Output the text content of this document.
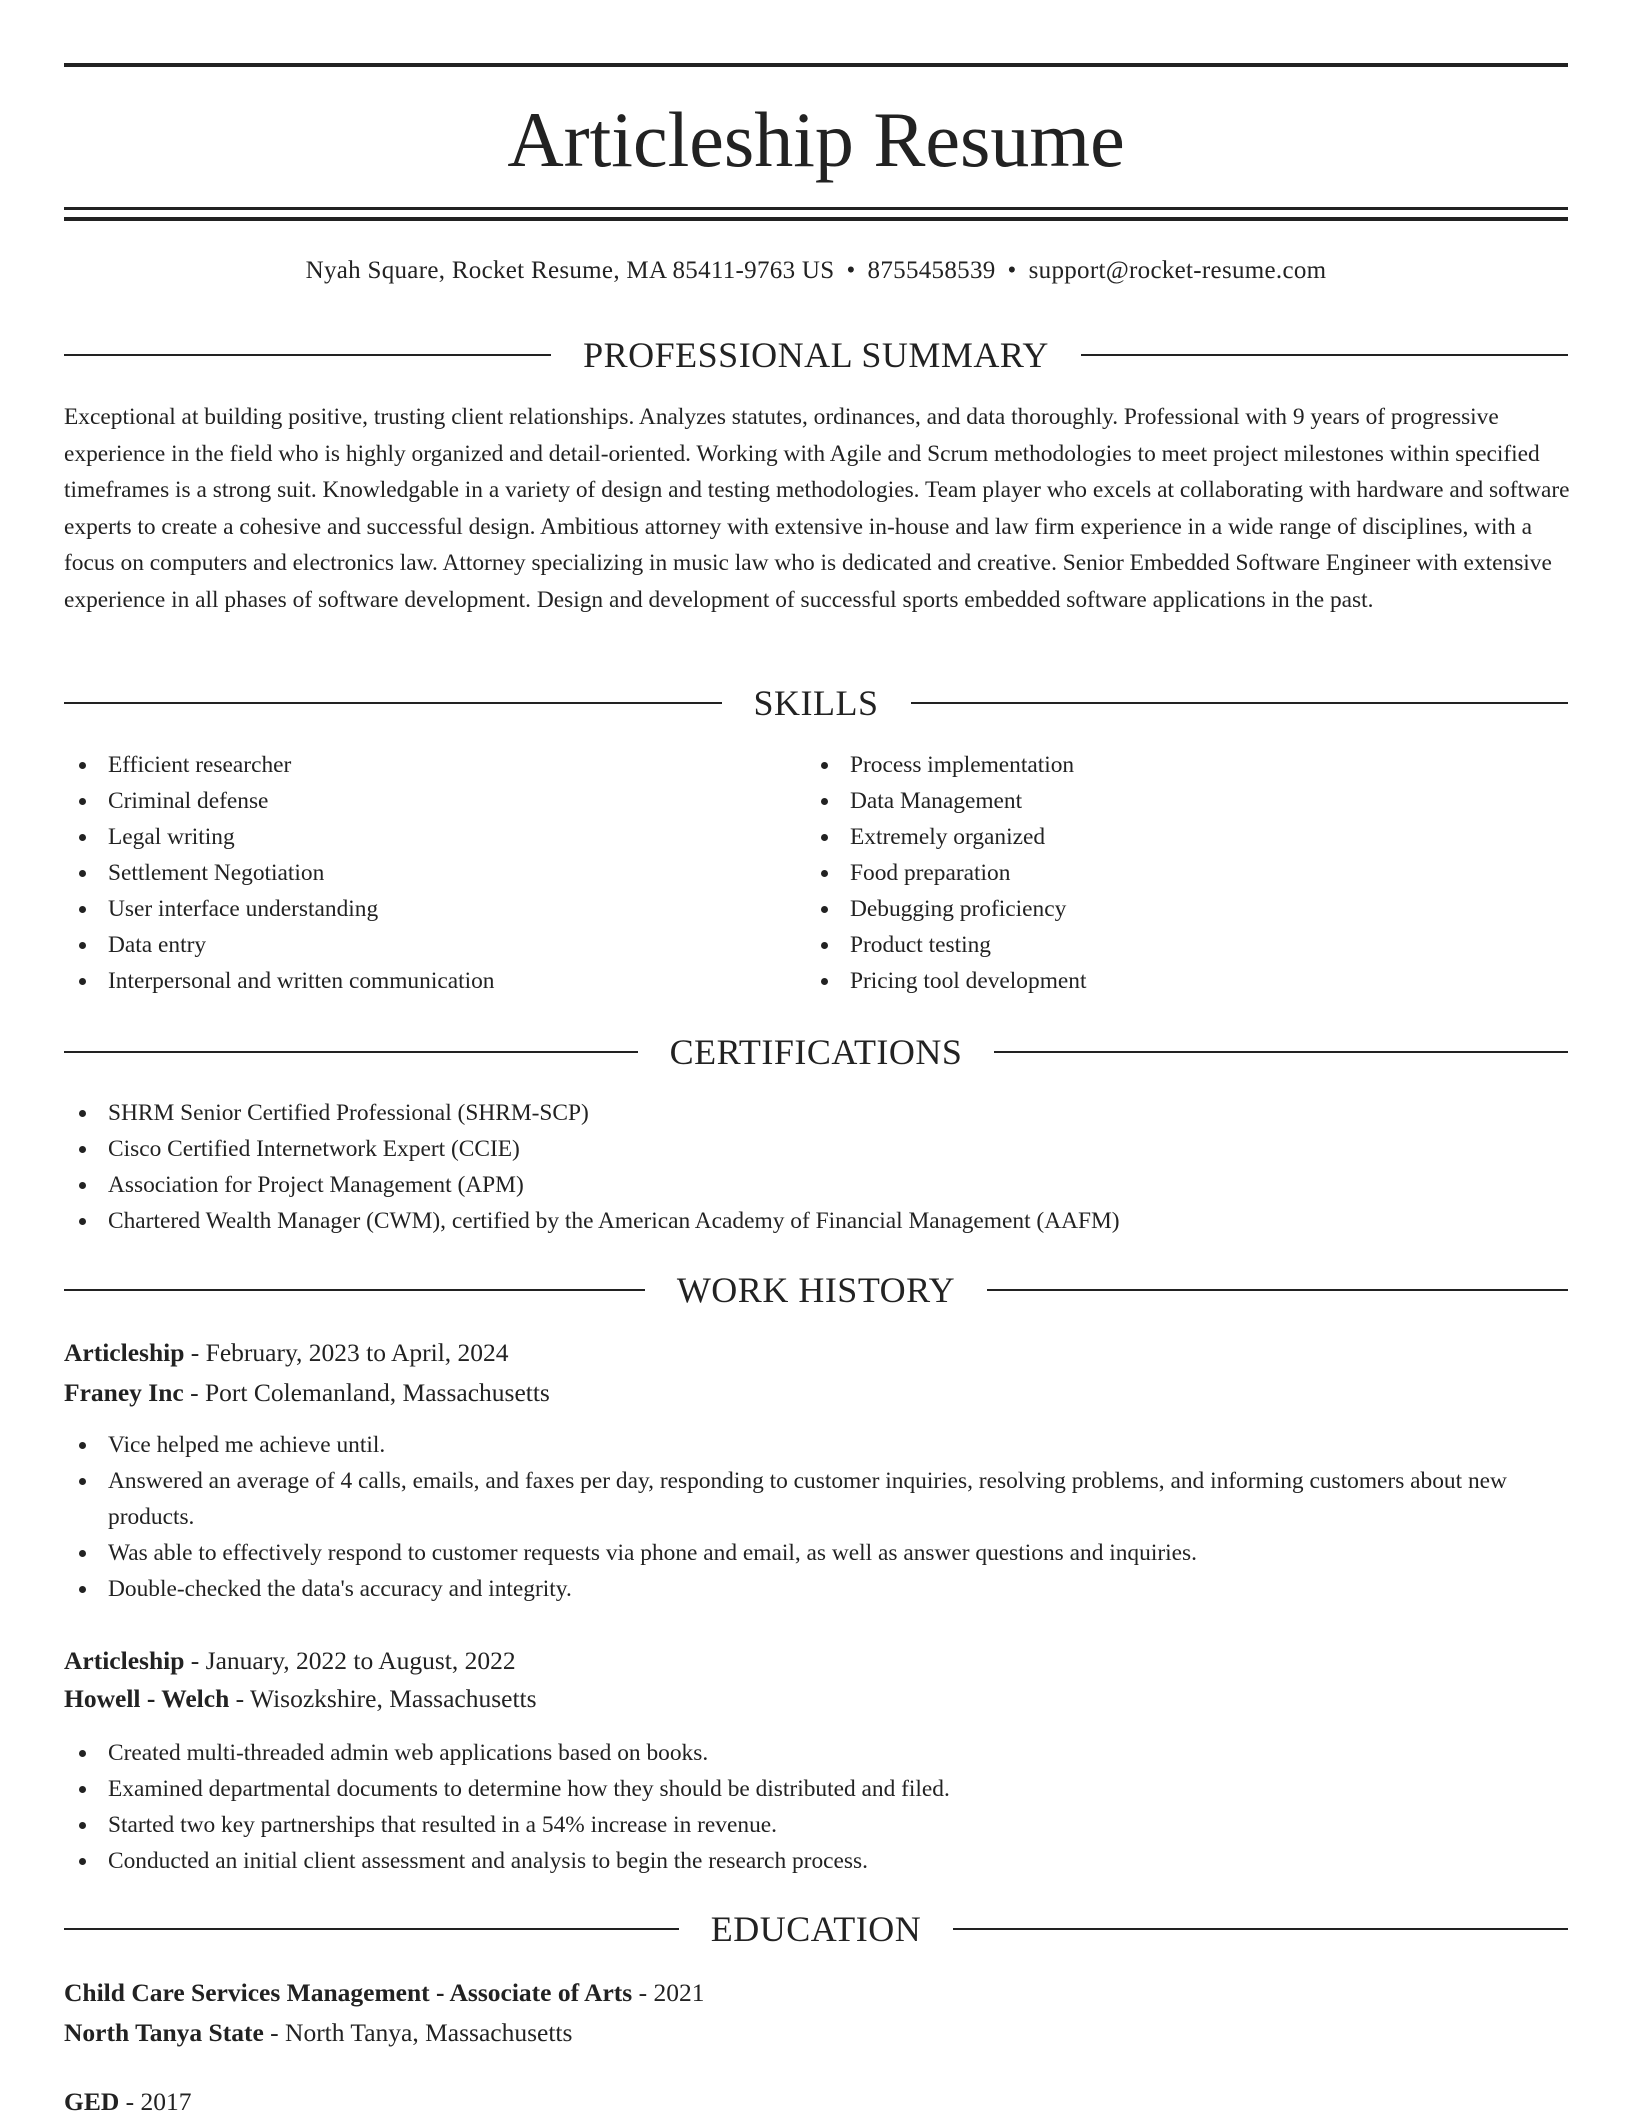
Articleship Resume
Nyah Square, Rocket Resume, MA 85411-9763 US • 8755458539 • support@rocket-resume.com
PROFESSIONAL SUMMARY

Exceptional at building positive, trusting client relationships. Analyzes statutes, ordinances, and data thoroughly. Professional with 9 years of progressive experience in the field who is highly organized and detail-oriented. Working with Agile and Scrum methodologies to meet project milestones within specified timeframes is a strong suit. Knowledgable in a variety of design and testing methodologies. Team player who excels at collaborating with hardware and software experts to create a cohesive and successful design. Ambitious attorney with extensive in-house and law firm experience in a wide range of disciplines, with a focus on computers and electronics law. Attorney specializing in music law who is dedicated and creative. Senior Embedded Software Engineer with extensive experience in all phases of software development. Design and development of successful sports embedded software applications in the past.

SKILLS
Efficient researcher
Criminal defense
Legal writing
Settlement Negotiation
User interface understanding
Data entry
Interpersonal and written communication
Process implementation
Data Management
Extremely organized
Food preparation
Debugging proficiency
Product testing
Pricing tool development
CERTIFICATIONS
SHRM Senior Certified Professional (SHRM-SCP)
Cisco Certified Internetwork Expert (CCIE)
Association for Project Management (APM)
Chartered Wealth Manager (CWM), certified by the American Academy of Financial Management (AAFM)
WORK HISTORY
Articleship - February, 2023 to April, 2024
Franey Inc - Port Colemanland, Massachusetts
Vice helped me achieve until.
Answered an average of 4 calls, emails, and faxes per day, responding to customer inquiries, resolving problems, and informing customers about new products.
Was able to effectively respond to customer requests via phone and email, as well as answer questions and inquiries.
Double-checked the data's accuracy and integrity.
Articleship - January, 2022 to August, 2022
Howell - Welch - Wisozkshire, Massachusetts
Created multi-threaded admin web applications based on books.
Examined departmental documents to determine how they should be distributed and filed.
Started two key partnerships that resulted in a 54% increase in revenue.
Conducted an initial client assessment and analysis to begin the research process.
EDUCATION
Child Care Services Management - Associate of Arts - 2021
North Tanya State - North Tanya, Massachusetts
GED - 2017
